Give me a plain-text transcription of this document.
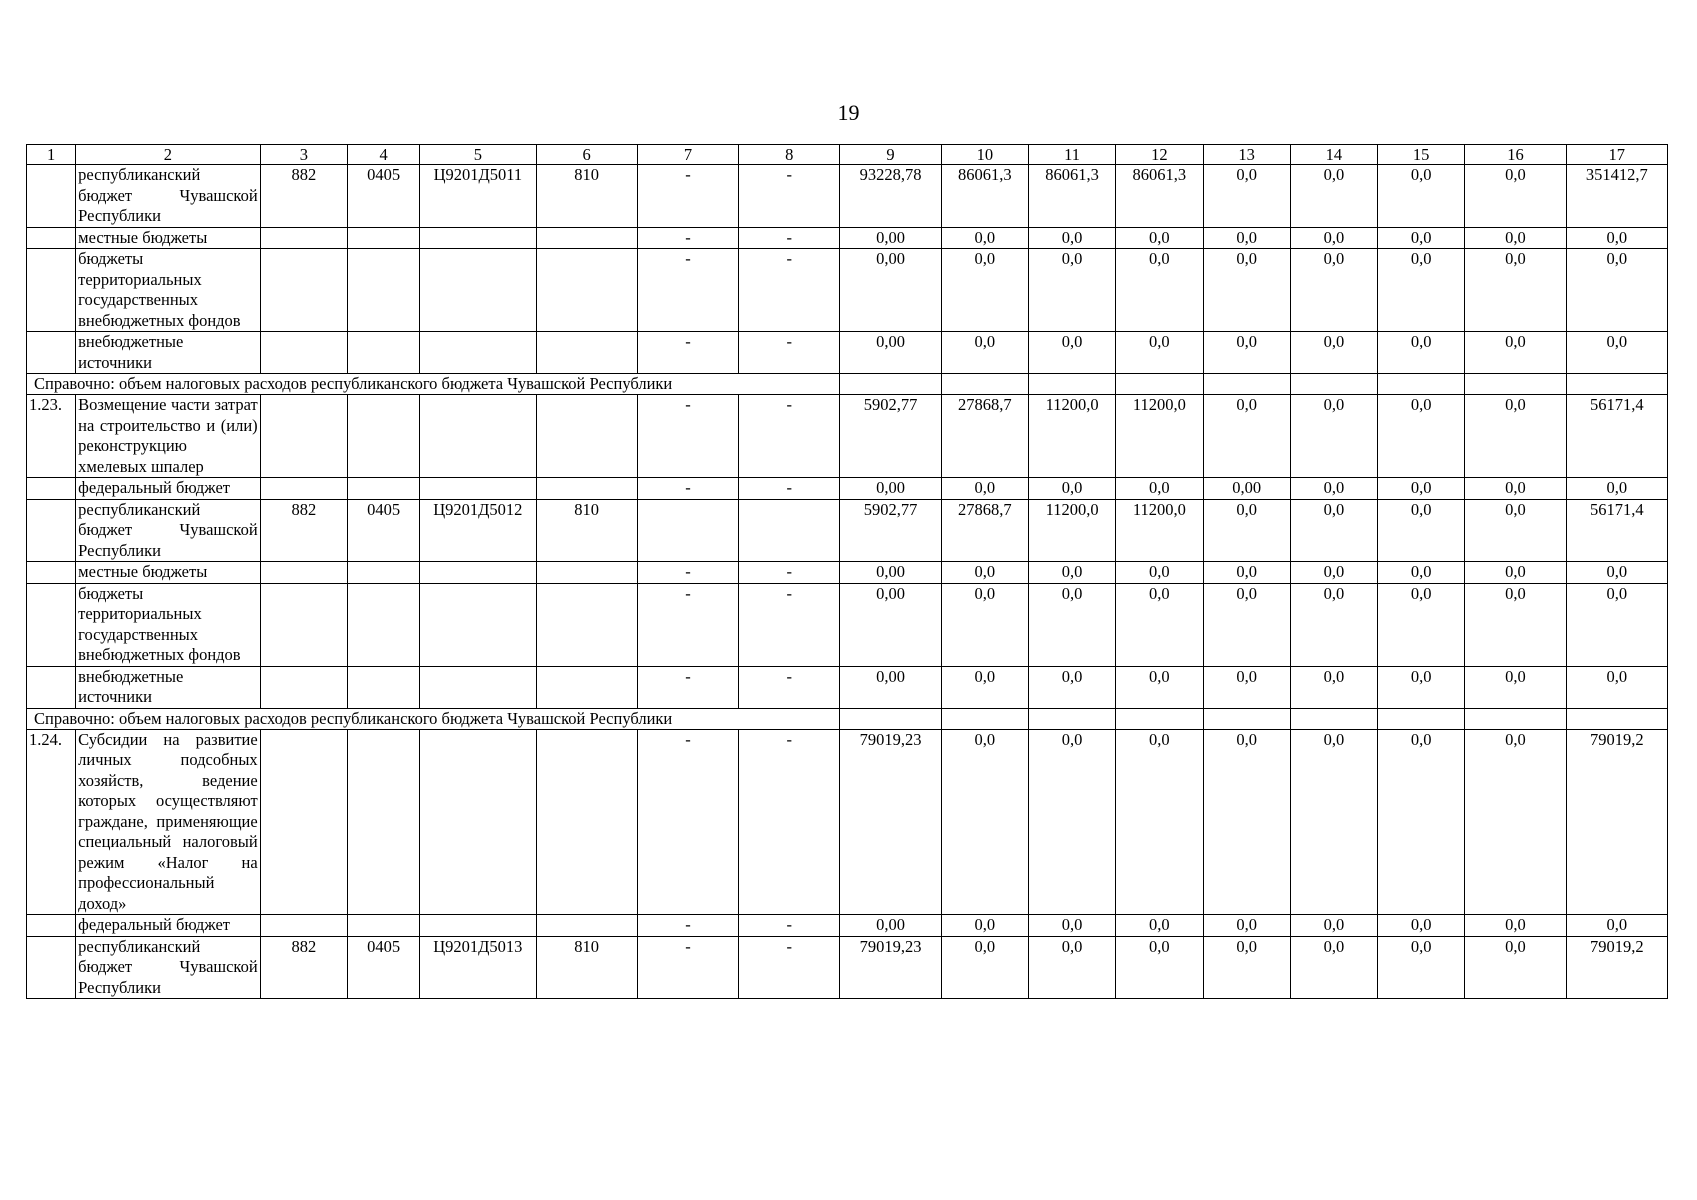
19
1	2	3	4	5	6	7	8	9	10	11	12	13	14	15	16	17
	республиканский бюджет Чувашской Республики	882	0405	Ц9201Д5011	810	-	-	93228,78	86061,3	86061,3	86061,3	0,0	0,0	0,0	0,0	351412,7
	местные бюджеты					-	-	0,00	0,0	0,0	0,0	0,0	0,0	0,0	0,0	0,0
	бюджеты территориальных государственных внебюджетных фондов					-	-	0,00	0,0	0,0	0,0	0,0	0,0	0,0	0,0	0,0
	внебюджетные источники					-	-	0,00	0,0	0,0	0,0	0,0	0,0	0,0	0,0	0,0
Справочно: объем налоговых расходов республиканского бюджета Чувашской Республики																
1.23.	Возмещение части затрат на строительство и (или) реконструкцию хмелевых шпалер					-	-	5902,77	27868,7	11200,0	11200,0	0,0	0,0	0,0	0,0	56171,4
	федеральный бюджет					-	-	0,00	0,0	0,0	0,0	0,00	0,0	0,0	0,0	0,0
	республиканский бюджет Чувашской Республики	882	0405	Ц9201Д5012	810			5902,77	27868,7	11200,0	11200,0	0,0	0,0	0,0	0,0	56171,4
	местные бюджеты					-	-	0,00	0,0	0,0	0,0	0,0	0,0	0,0	0,0	0,0
	бюджеты территориальных государственных внебюджетных фондов					-	-	0,00	0,0	0,0	0,0	0,0	0,0	0,0	0,0	0,0
	внебюджетные источники					-	-	0,00	0,0	0,0	0,0	0,0	0,0	0,0	0,0	0,0
Справочно: объем налоговых расходов республиканского бюджета Чувашской Республики																
1.24.	Субсидии на развитие личных подсобных хозяйств, ведение которых осуществляют граждане, применяющие специальный налоговый режим «Налог на профессиональный доход»					-	-	79019,23	0,0	0,0	0,0	0,0	0,0	0,0	0,0	79019,2
	федеральный бюджет					-	-	0,00	0,0	0,0	0,0	0,0	0,0	0,0	0,0	0,0
	республиканский бюджет Чувашской Республики	882	0405	Ц9201Д5013	810	-	-	79019,23	0,0	0,0	0,0	0,0	0,0	0,0	0,0	79019,2
